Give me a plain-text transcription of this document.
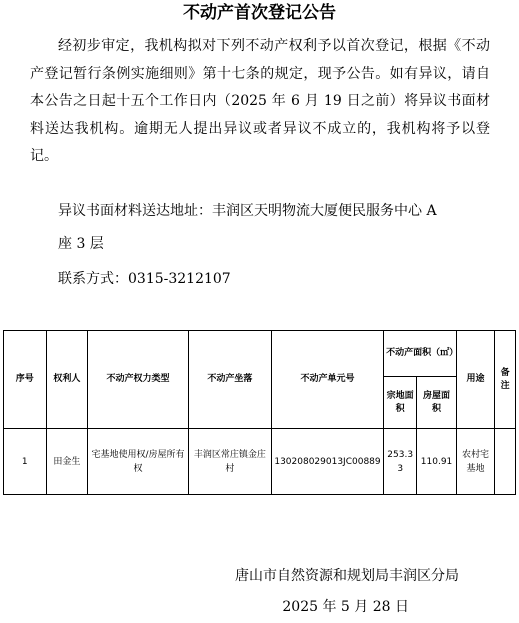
不动产首次登记公告

经初步审定，我机构拟对下列不动产权利予以首次登记，根据《不动产登记暂行条例实施细则》第十七条的规定，现予公告。如有异议，请自本公告之日起十五个工作日内（2025 年 6 月 19 日之前）将异议书面材料送达我机构。逾期无人提出异议或者异议不成立的，我机构将予以登记。

异议书面材料送达地址：丰润区天明物流大厦便民服务中心 A

座 3 层

联系方式：0315-3212107

序号	权利人	不动产权力类型	不动产坐落	不动产单元号	不动产面积（㎡）		用途	备注
					宗地面积	房屋面积		
1	田金生	宅基地使用权/房屋所有权	丰润区常庄镇金庄村	130208029013JC00889	253.33	110.91	农村宅基地	

唐山市自然资源和规划局丰润区分局

2025 年 5 月 28 日
